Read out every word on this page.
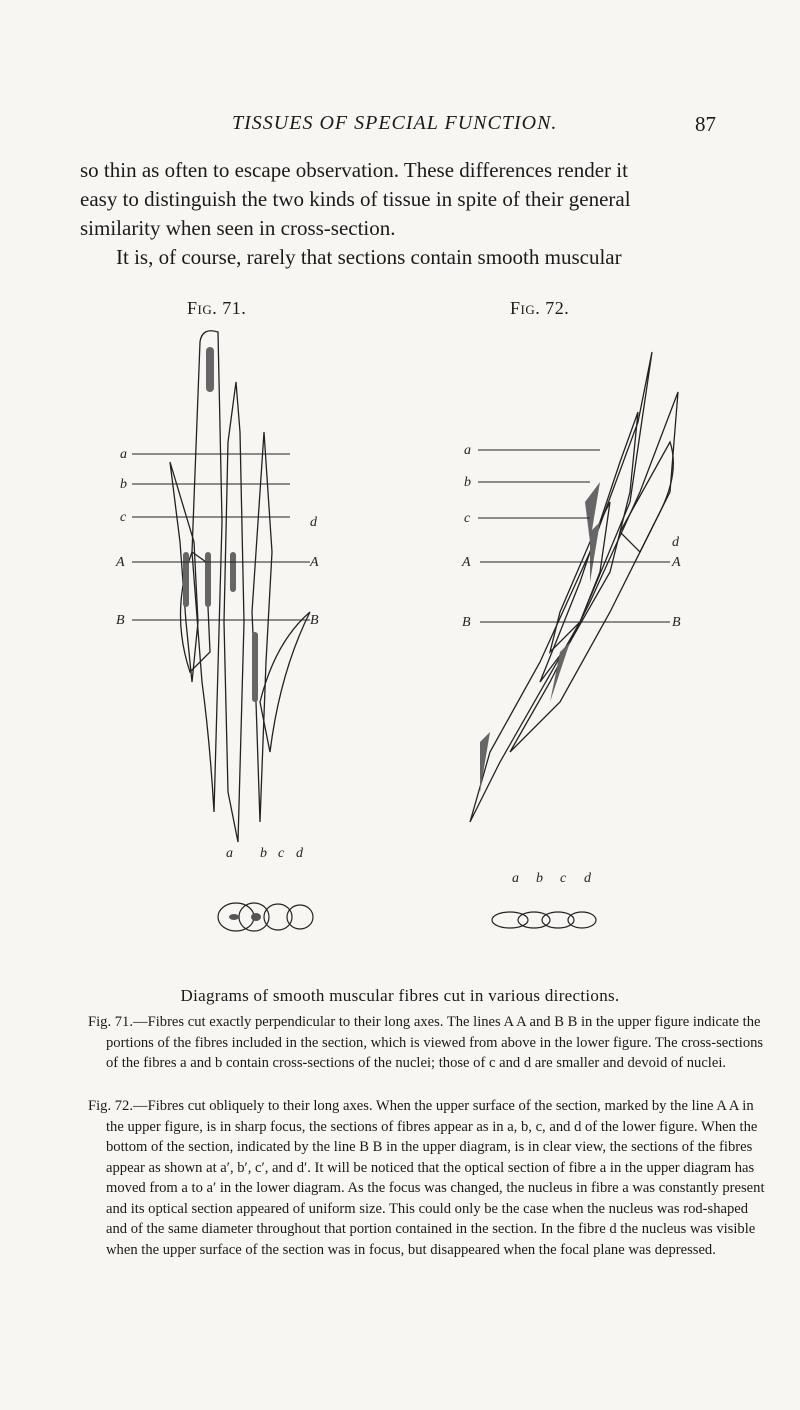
TISSUES OF SPECIAL FUNCTION.	87
so thin as often to escape observation. These differences render it
easy to distinguish the two kinds of tissue in spite of their general
similarity when seen in cross-section.
It is, of course, rarely that sections contain smooth muscular
Fig. 71.	Fig. 72.
a
b
c
A
B
d
A
B
a b c d
a
b
c
A
B
d
A
B
a b c d
Diagrams of smooth muscular fibres cut in various directions.

Fig. 71.—Fibres cut exactly perpendicular to their long axes. The lines A A and B B in the upper figure indicate the portions of the fibres included in the section, which is viewed from above in the lower figure. The cross-sections of the fibres a and b contain cross-sections of the nuclei; those of c and d are smaller and devoid of nuclei.

Fig. 72.—Fibres cut obliquely to their long axes. When the upper surface of the section, marked by the line A A in the upper figure, is in sharp focus, the sections of fibres appear as in a, b, c, and d of the lower figure. When the bottom of the section, indicated by the line B B in the upper diagram, is in clear view, the sections of the fibres appear as shown at a′, b′, c′, and d′. It will be noticed that the optical section of fibre a in the upper diagram has moved from a to a′ in the lower diagram. As the focus was changed, the nucleus in fibre a was constantly present and its optical section appeared of uniform size. This could only be the case when the nucleus was rod-shaped and of the same diameter throughout that portion contained in the section. In the fibre d the nucleus was visible when the upper surface of the section was in focus, but disappeared when the focal plane was depressed.
